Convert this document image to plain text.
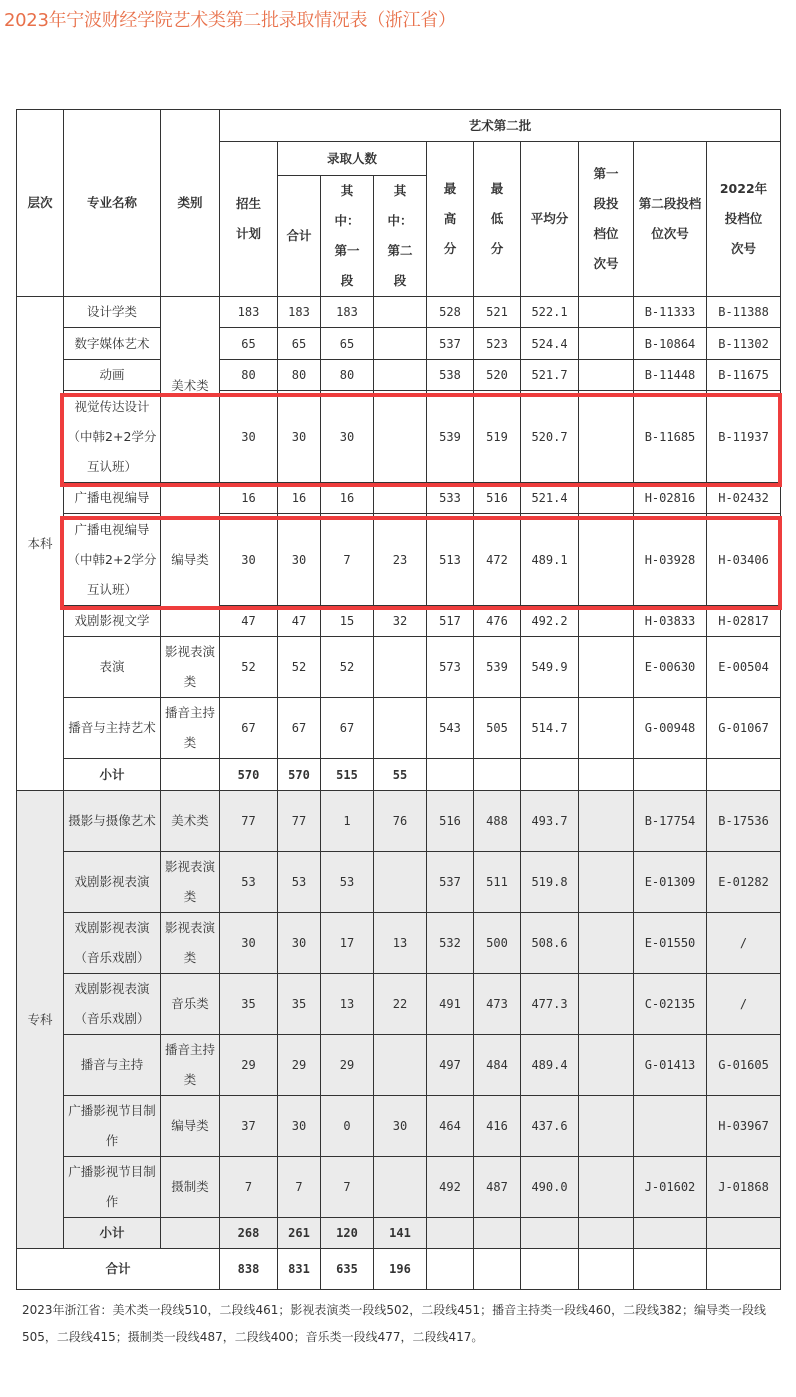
2023年宁波财经学院艺术类第二批录取情况表（浙江省）
层次	专业名称	类别	艺术第二批									
			招生计划	录取人数			最高分	最低分	平均分	第一段投档位次号	第二段投档位次号	2022年投档位次号
				合计	其中：第一段	其中：第二段						
本科	设计学类	美术类	183	183	183		528	521	522.1		B-11333	B-11388
	数字媒体艺术		65	65	65		537	523	524.4		B-10864	B-11302
	动画		80	80	80		538	520	521.7		B-11448	B-11675
	视觉传达设计（中韩2+2学分互认班）		30	30	30		539	519	520.7		B-11685	B-11937
	广播电视编导	编导类	16	16	16		533	516	521.4		H-02816	H-02432
	广播电视编导（中韩2+2学分互认班）		30	30	7	23	513	472	489.1		H-03928	H-03406
	戏剧影视文学		47	47	15	32	517	476	492.2		H-03833	H-02817
	表演	影视表演类	52	52	52		573	539	549.9		E-00630	E-00504
	播音与主持艺术	播音主持类	67	67	67		543	505	514.7		G-00948	G-01067
	小计		570	570	515	55						
专科	摄影与摄像艺术	美术类	77	77	1	76	516	488	493.7		B-17754	B-17536
	戏剧影视表演	影视表演类	53	53	53		537	511	519.8		E-01309	E-01282
	戏剧影视表演（音乐戏剧）	影视表演类	30	30	17	13	532	500	508.6		E-01550	/
	戏剧影视表演（音乐戏剧）	音乐类	35	35	13	22	491	473	477.3		C-02135	/
	播音与主持	播音主持类	29	29	29		497	484	489.4		G-01413	G-01605
	广播影视节目制作	编导类	37	30	0	30	464	416	437.6			H-03967
	广播影视节目制作	摄制类	7	7	7		492	487	490.0		J-01602	J-01868
	小计		268	261	120	141						
合计			838	831	635	196						
2023年浙江省：美术类一段线510，二段线461；影视表演类一段线502，二段线451；播音主持类一段线460，二段线382；编导类一段线505，二段线415；摄制类一段线487，二段线400；音乐类一段线477，二段线417。
